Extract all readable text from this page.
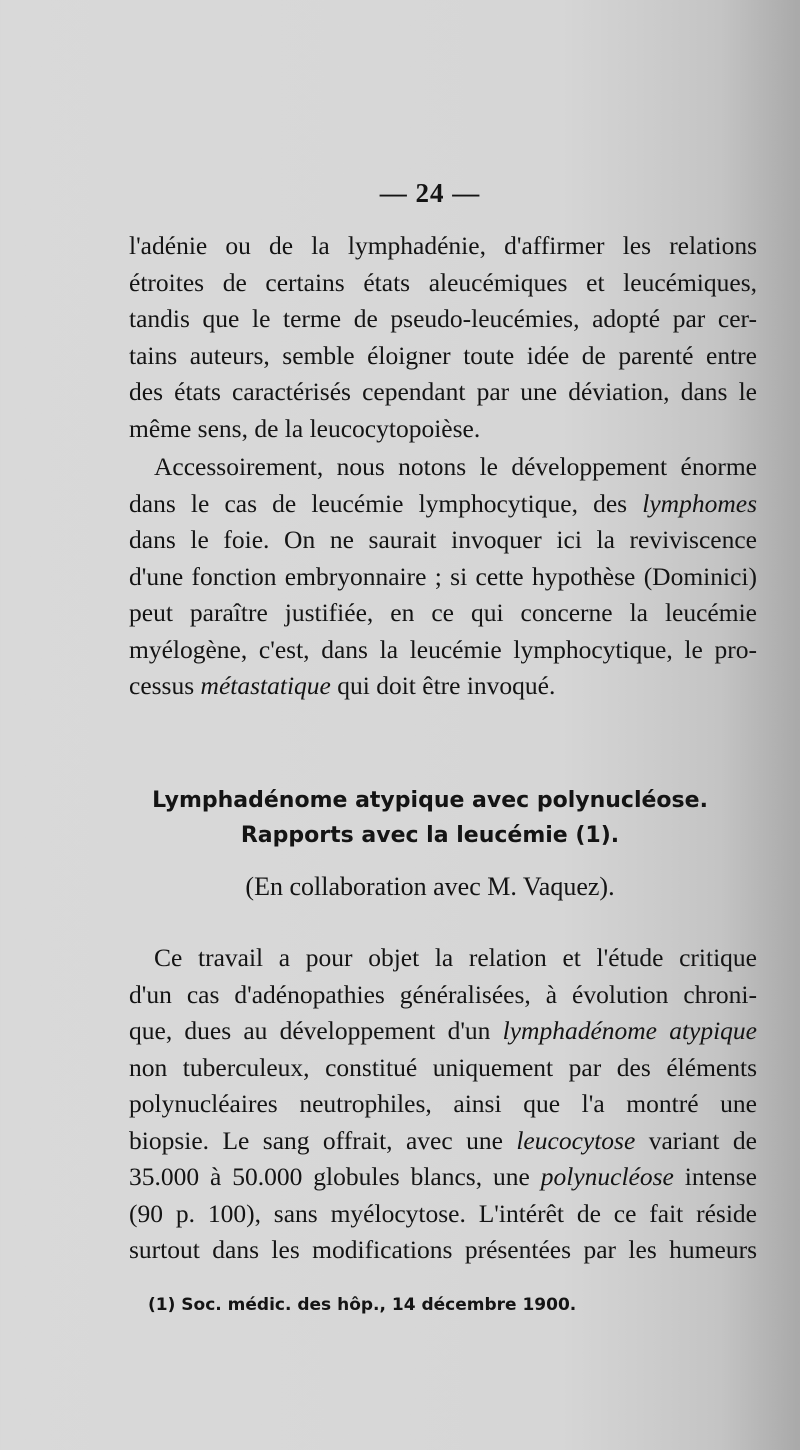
— 24 —
l'adénie ou de la lymphadénie, d'affirmer les relations
étroites de certains états aleucémiques et leucémiques,
tandis que le terme de pseudo-leucémies, adopté par cer-
tains auteurs, semble éloigner toute idée de parenté entre
des états caractérisés cependant par une déviation, dans le
même sens, de la leucocytopoièse.
Accessoirement, nous notons le développement énorme
dans le cas de leucémie lymphocytique, des lymphomes
dans le foie. On ne saurait invoquer ici la reviviscence
d'une fonction embryonnaire ; si cette hypothèse (Dominici)
peut paraître justifiée, en ce qui concerne la leucémie
myélogène, c'est, dans la leucémie lymphocytique, le pro-
cessus métastatique qui doit être invoqué.
Lymphadénome atypique avec polynucléose.
Rapports avec la leucémie (1).
(En collaboration avec M. Vaquez).
Ce travail a pour objet la relation et l'étude critique
d'un cas d'adénopathies généralisées, à évolution chroni-
que, dues au développement d'un lymphadénome atypique
non tuberculeux, constitué uniquement par des éléments
polynucléaires neutrophiles, ainsi que l'a montré une
biopsie. Le sang offrait, avec une leucocytose variant de
35.000 à 50.000 globules blancs, une polynucléose intense
(90 p. 100), sans myélocytose. L'intérêt de ce fait réside
surtout dans les modifications présentées par les humeurs
(1) Soc. médic. des hôp., 14 décembre 1900.
